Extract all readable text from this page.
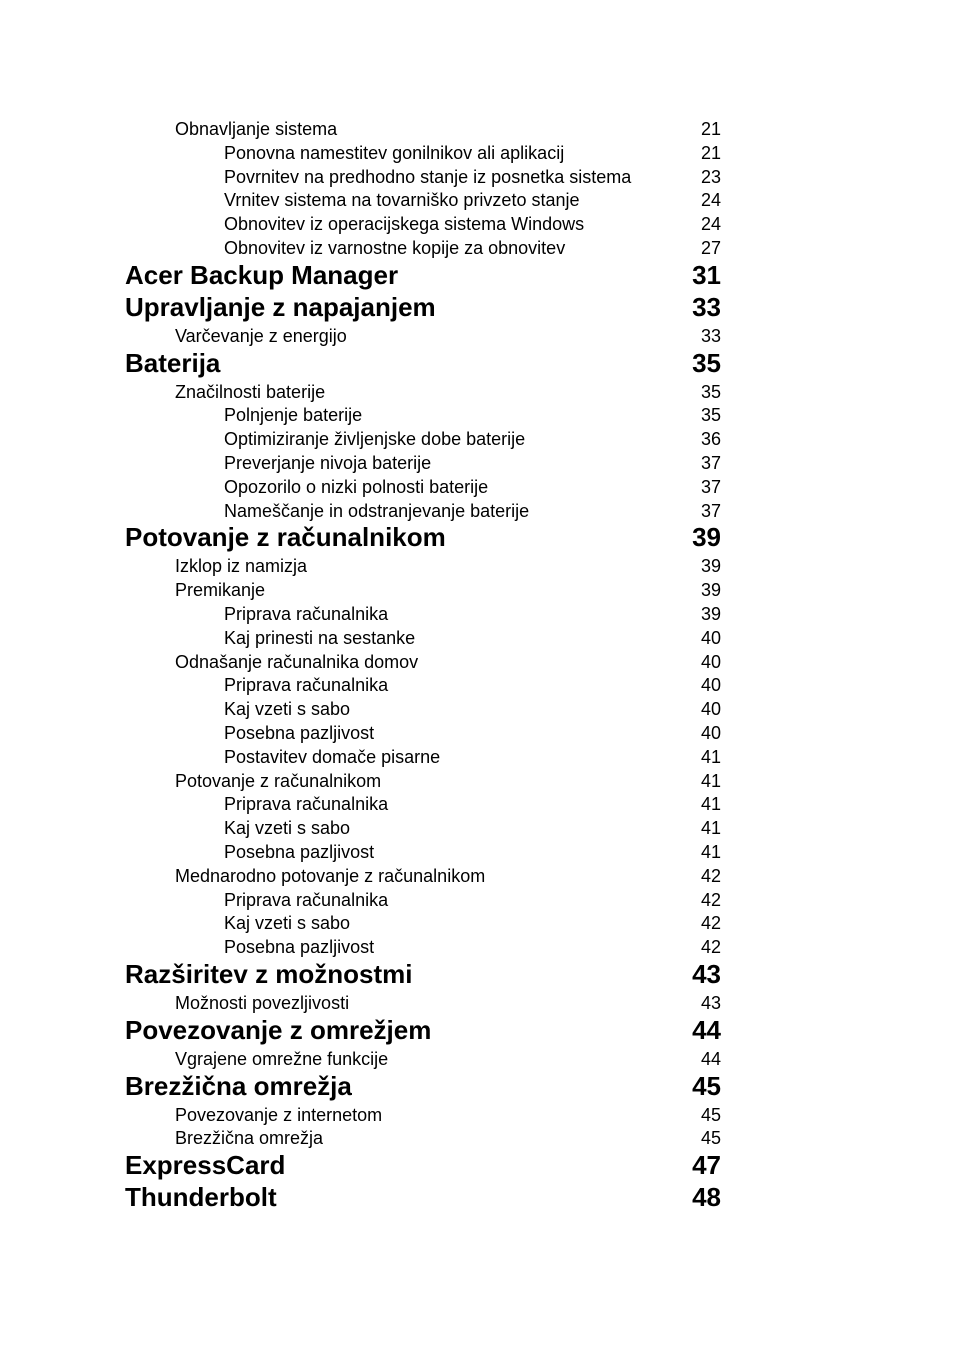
Obnavljanje sistema	21
Ponovna namestitev gonilnikov ali aplikacij	21
Povrnitev na predhodno stanje iz posnetka sistema	23
Vrnitev sistema na tovarniško privzeto stanje	24
Obnovitev iz operacijskega sistema Windows	24
Obnovitev iz varnostne kopije za obnovitev	27
Acer Backup Manager	31
Upravljanje z napajanjem	33
Varčevanje z energijo	33
Baterija	35
Značilnosti baterije	35
Polnjenje baterije	35
Optimiziranje življenjske dobe baterije	36
Preverjanje nivoja baterije	37
Opozorilo o nizki polnosti baterije	37
Nameščanje in odstranjevanje baterije	37
Potovanje z računalnikom	39
Izklop iz namizja	39
Premikanje	39
Priprava računalnika	39
Kaj prinesti na sestanke	40
Odnašanje računalnika domov	40
Priprava računalnika	40
Kaj vzeti s sabo	40
Posebna pazljivost	40
Postavitev domače pisarne	41
Potovanje z računalnikom	41
Priprava računalnika	41
Kaj vzeti s sabo	41
Posebna pazljivost	41
Mednarodno potovanje z računalnikom	42
Priprava računalnika	42
Kaj vzeti s sabo	42
Posebna pazljivost	42
Razširitev z možnostmi	43
Možnosti povezljivosti	43
Povezovanje z omrežjem	44
Vgrajene omrežne funkcije	44
Brezžična omrežja	45
Povezovanje z internetom	45
Brezžična omrežja	45
ExpressCard	47
Thunderbolt	48
